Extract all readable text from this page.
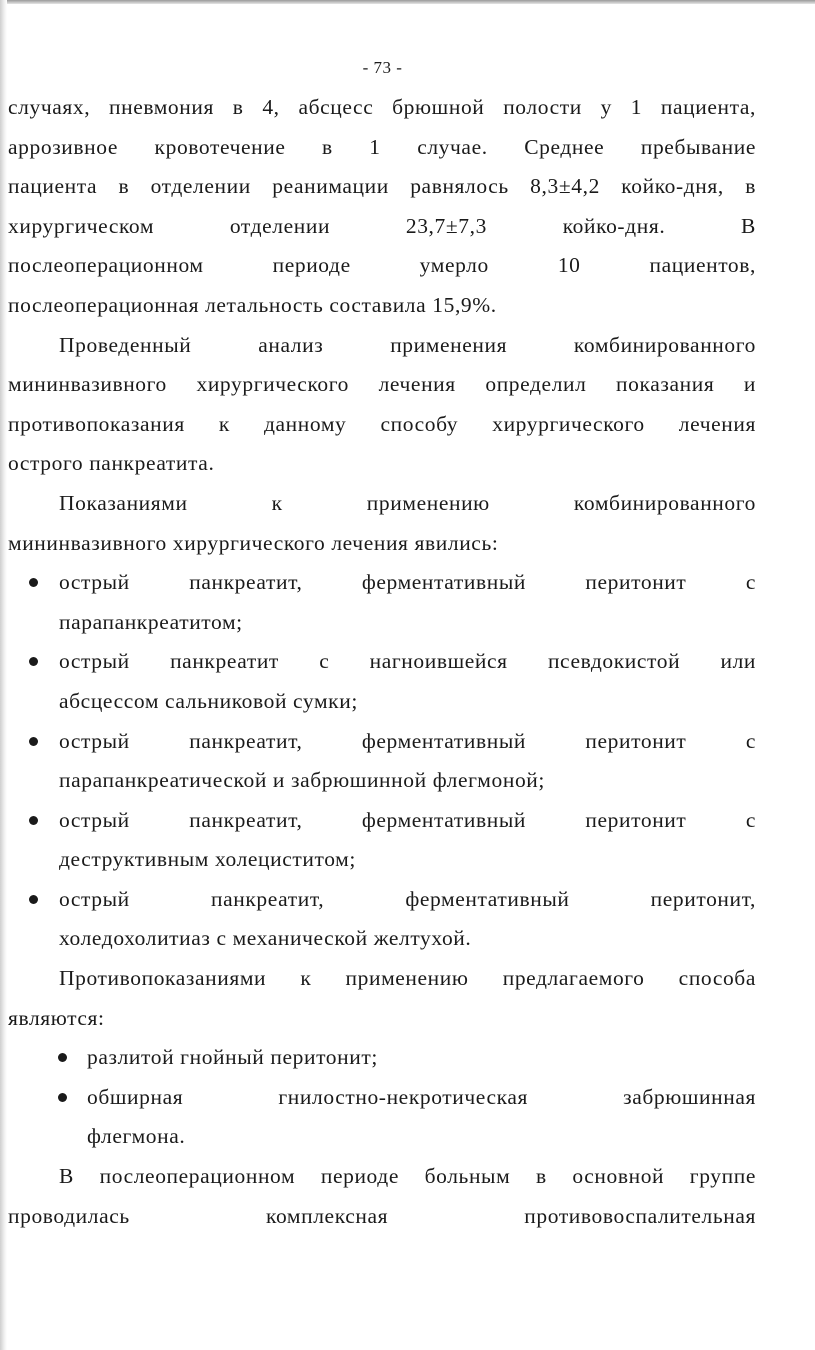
- 73 -

случаях, пневмония в 4, абсцесс брюшной полости у 1 пациента,
аррозивное кровотечение в 1 случае. Среднее пребывание
пациента в отделении реанимации равнялось 8,3±4,2 койко-дня, в
хирургическом отделении 23,7±7,3 койко-дня. В
послеоперационном периоде умерло 10 пациентов,
послеоперационная летальность составила 15,9%.

Проведенный анализ применения комбинированного
мининвазивного хирургического лечения определил показания и
противопоказания к данному способу хирургического лечения
острого панкреатита.

Показаниями к применению комбинированного
мининвазивного хирургического лечения явились:

острый панкреатит, ферментативный перитонит с
парапанкреатитом;
острый панкреатит с нагноившейся псевдокистой или
абсцессом сальниковой сумки;
острый панкреатит, ферментативный перитонит с
парапанкреатической и забрюшинной флегмоной;
острый панкреатит, ферментативный перитонит с
деструктивным холециститом;
острый панкреатит, ферментативный перитонит,
холедохолитиаз с механической желтухой.

Противопоказаниями к применению предлагаемого способа
являются:

разлитой гнойный перитонит;
обширная гнилостно-некротическая забрюшинная
флегмона.

В послеоперационном периоде больным в основной группе
проводилась комплексная противовоспалительная
